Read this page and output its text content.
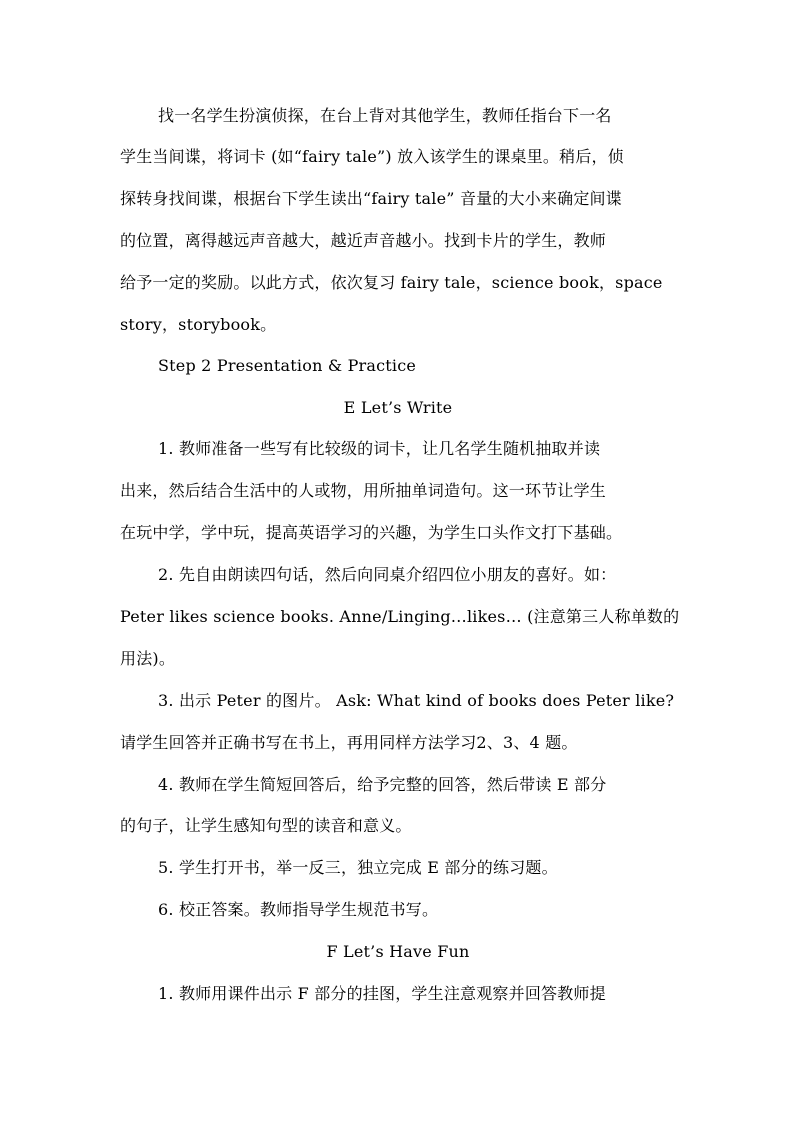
找一名学生扮演侦探，在台上背对其他学生，教师任指台下一名
学生当间谍，将词卡 (如“fairy tale”) 放入该学生的课桌里。稍后，侦
探转身找间谍，根据台下学生读出“fairy tale” 音量的大小来确定间谍
的位置，离得越远声音越大，越近声音越小。找到卡片的学生，教师
给予一定的奖励。以此方式，依次复习 fairy tale，science book，space
story，storybook。
Step 2 Presentation & Practice
E Let’s Write
1. 教师准备一些写有比较级的词卡，让几名学生随机抽取并读
出来，然后结合生活中的人或物，用所抽单词造句。这一环节让学生
在玩中学，学中玩，提高英语学习的兴趣，为学生口头作文打下基础。
2. 先自由朗读四句话，然后向同桌介绍四位小朋友的喜好。如：
Peter likes science books. Anne/Linging…likes… (注意第三人称单数的
用法)。
3. 出示 Peter 的图片。 Ask: What kind of books does Peter like?
请学生回答并正确书写在书上，再用同样方法学习2、3、4 题。
4. 教师在学生简短回答后，给予完整的回答，然后带读 E 部分
的句子，让学生感知句型的读音和意义。
5. 学生打开书，举一反三，独立完成 E 部分的练习题。
6. 校正答案。教师指导学生规范书写。
F Let’s Have Fun
1. 教师用课件出示 F 部分的挂图，学生注意观察并回答教师提
